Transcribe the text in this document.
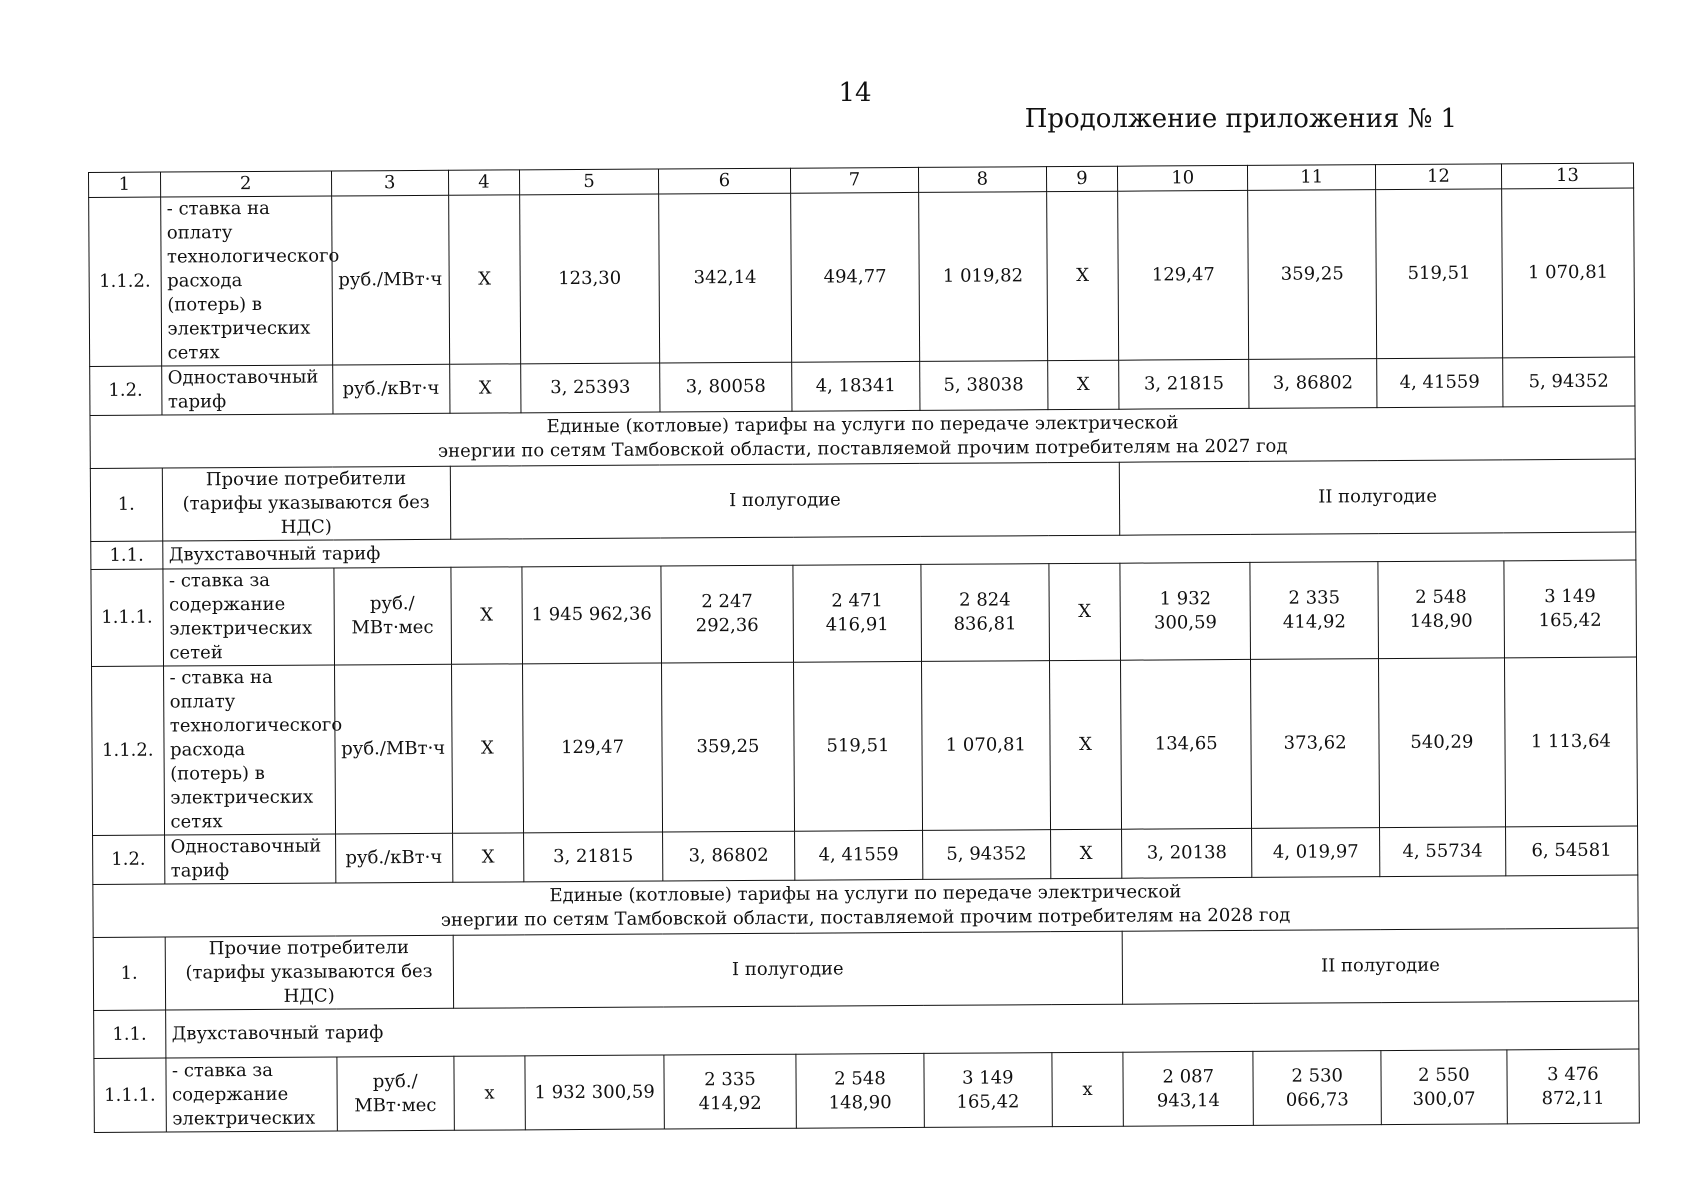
14
Продолжение приложения № 1
1	2	3	4	5	6	7	8	9	10	11	12	13
1.1.2.	- ставка на оплату технологического расхода (потерь) в электрических сетях	руб./МВт·ч	Х	123,30	342,14	494,77	1 019,82	Х	129,47	359,25	519,51	1 070,81
1.2.	Одноставочный тариф	руб./кВт·ч	Х	3, 25393	3, 80058	4, 18341	5, 38038	Х	3, 21815	3, 86802	4, 41559	5, 94352

Единые (котловые) тарифы на услуги по передаче электрической
энергии по сетям Тамбовской области, поставляемой прочим потребителям на 2027 год												

1.	Прочие потребители (тарифы указываются без НДС)		I полугодие						II полугодие			
1.1.	Двухставочный тариф											
1.1.1.	- ставка за содержание электрических сетей	руб./МВт·мес	Х	1 945 962,36	2 247 292,36	2 471 416,91	2 824 836,81	Х	1 932 300,59	2 335 414,92	2 548 148,90	3 149 165,42
1.1.2.	- ставка на оплату технологического расхода (потерь) в электрических сетях	руб./МВт·ч	Х	129,47	359,25	519,51	1 070,81	Х	134,65	373,62	540,29	1 113,64
1.2.	Одноставочный тариф	руб./кВт·ч	Х	3, 21815	3, 86802	4, 41559	5, 94352	Х	3, 20138	4, 019,97	4, 55734	6, 54581

Единые (котловые) тарифы на услуги по передаче электрической
энергии по сетям Тамбовской области, поставляемой прочим потребителям на 2028 год												

1.	Прочие потребители (тарифы указываются без НДС)		I полугодие						II полугодие			
1.1.	Двухставочный тариф											
1.1.1.	- ставка за содержание электрических	руб./МВт·мес	х	1 932 300,59	2 335 414,92	2 548 148,90	3 149 165,42	х	2 087 943,14	2 530 066,73	2 550 300,07	3 476 872,11
